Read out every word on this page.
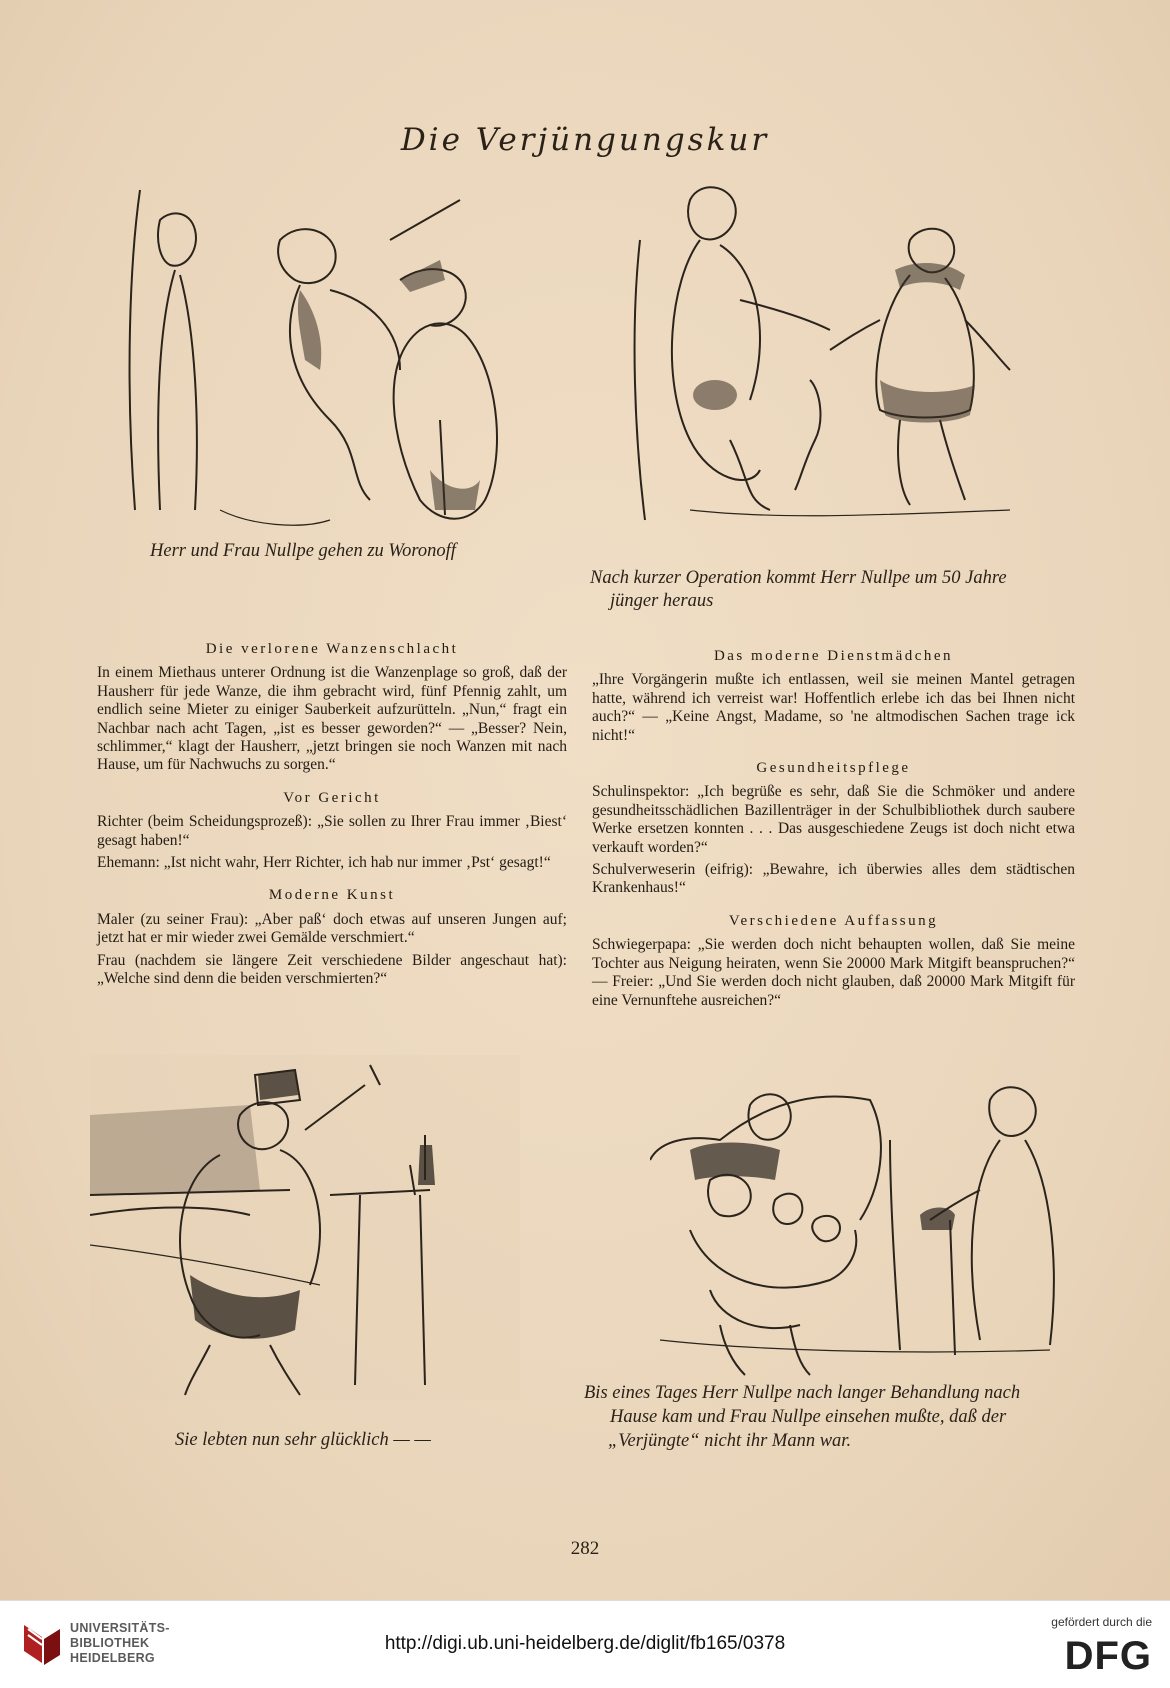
Die Verjüngungskur
Herr und Frau Nullpe gehen zu Woronoff
Nach kurzer Operation kommt Herr Nullpe um 50 Jahre
jünger heraus
Die verlorene Wanzenschlacht

In einem Miethaus unterer Ordnung ist die Wanzenplage so groß, daß der Hausherr für jede Wanze, die ihm gebracht wird, fünf Pfennig zahlt, um endlich seine Mieter zu einiger Sauberkeit aufzurütteln. „Nun,“ fragt ein Nachbar nach acht Tagen, „ist es besser geworden?“ — „Besser? Nein, schlimmer,“ klagt der Hausherr, „jetzt bringen sie noch Wanzen mit nach Hause, um für Nachwuchs zu sorgen.“

Vor Gericht

Richter (beim Scheidungsprozeß): „Sie sollen zu Ihrer Frau immer ‚Biest‘ gesagt haben!“

Ehemann: „Ist nicht wahr, Herr Richter, ich hab nur immer ‚Pst‘ gesagt!“

Moderne Kunst

Maler (zu seiner Frau): „Aber paß‘ doch etwas auf unseren Jungen auf; jetzt hat er mir wieder zwei Gemälde verschmiert.“

Frau (nachdem sie längere Zeit verschiedene Bilder angeschaut hat): „Welche sind denn die beiden verschmierten?“

Das moderne Dienstmädchen

„Ihre Vorgängerin mußte ich entlassen, weil sie meinen Mantel getragen hatte, während ich verreist war! Hoffentlich erlebe ich das bei Ihnen nicht auch?“ — „Keine Angst, Madame, so 'ne altmodischen Sachen trage ick nicht!“

Gesundheitspflege

Schulinspektor: „Ich begrüße es sehr, daß Sie die Schmöker und andere gesundheitsschädlichen Bazillenträger in der Schulbibliothek durch saubere Werke ersetzen konnten . . . Das ausgeschiedene Zeugs ist doch nicht etwa verkauft worden?“

Schulverweserin (eifrig): „Bewahre, ich überwies alles dem städtischen Krankenhaus!“

Verschiedene Auffassung

Schwiegerpapa: „Sie werden doch nicht behaupten wollen, daß Sie meine Tochter aus Neigung heiraten, wenn Sie 20000 Mark Mitgift beanspruchen?“ — Freier: „Und Sie werden doch nicht glauben, daß 20000 Mark Mitgift für eine Vernunftehe ausreichen?“

Sie lebten nun sehr glücklich — —
Bis eines Tages Herr Nullpe nach langer Behandlung nach
Hause kam und Frau Nullpe einsehen mußte, daß der
„Verjüngte“ nicht ihr Mann war.
282
UNIVERSITÄTS-
BIBLIOTHEK
HEIDELBERG
http://digi.ub.uni-heidelberg.de/diglit/fb165/0378
gefördert durch die
DFG
